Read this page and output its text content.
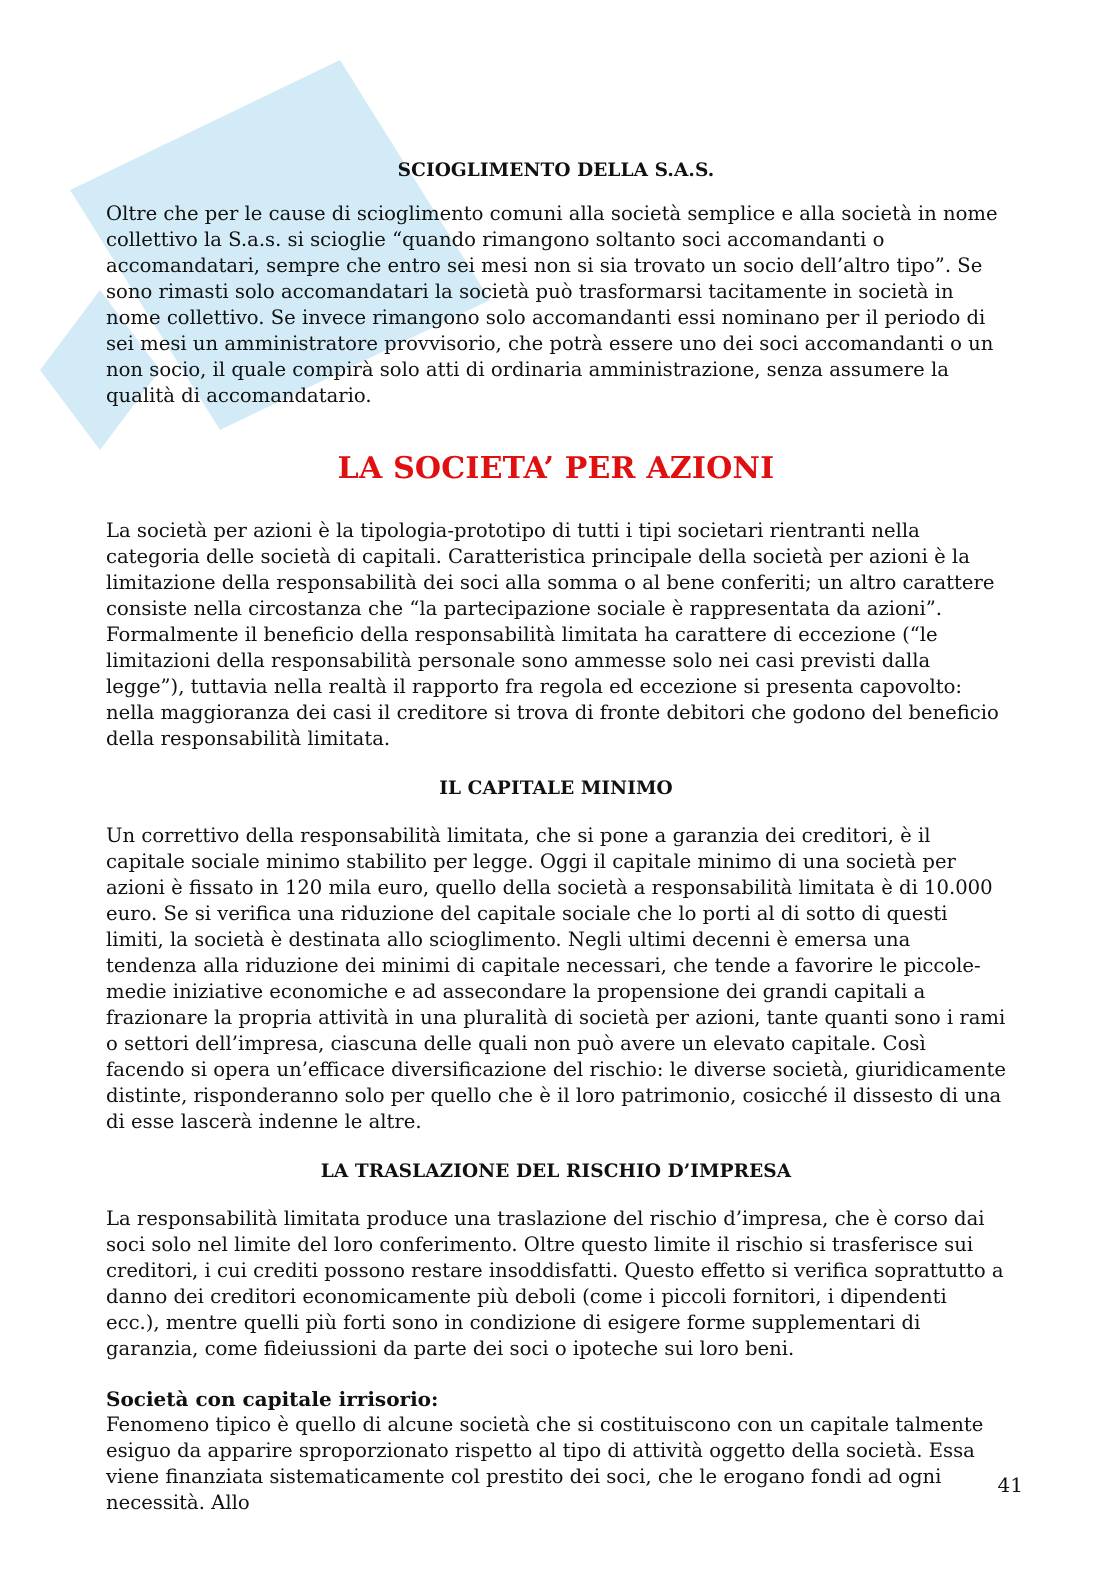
SCIOGLIMENTO DELLA S.A.S.

Oltre che per le cause di scioglimento comuni alla società semplice e alla società in nome collettivo la S.a.s. si scioglie “quando rimangono soltanto soci accomandanti o accomandatari, sempre che entro sei mesi non si sia trovato un socio dell’altro tipo”. Se sono rimasti solo accomandatari la società può trasformarsi tacitamente in società in nome collettivo. Se invece rimangono solo accomandanti essi nominano per il periodo di sei mesi un amministratore provvisorio, che potrà essere uno dei soci accomandanti o un non socio, il quale compirà solo atti di ordinaria amministrazione, senza assumere la qualità di accomandatario.

LA SOCIETA’ PER AZIONI

La società per azioni è la tipologia-prototipo di tutti i tipi societari rientranti nella categoria delle società di capitali. Caratteristica principale della società per azioni è la limitazione della responsabilità dei soci alla somma o al bene conferiti; un altro carattere consiste nella circostanza che “la partecipazione sociale è rappresentata da azioni”. Formalmente il beneficio della responsabilità limitata ha carattere di eccezione (“le limitazioni della responsabilità personale sono ammesse solo nei casi previsti dalla legge”), tuttavia nella realtà il rapporto fra regola ed eccezione si presenta capovolto: nella maggioranza dei casi il creditore si trova di fronte debitori che godono del beneficio della responsabilità limitata.

IL CAPITALE MINIMO

Un correttivo della responsabilità limitata, che si pone a garanzia dei creditori, è il capitale sociale minimo stabilito per legge. Oggi il capitale minimo di una società per azioni è fissato in 120 mila euro, quello della società a responsabilità limitata è di 10.000 euro. Se si verifica una riduzione del capitale sociale che lo porti al di sotto di questi limiti, la società è destinata allo scioglimento. Negli ultimi decenni è emersa una tendenza alla riduzione dei minimi di capitale necessari, che tende a favorire le piccole-medie iniziative economiche e ad assecondare la propensione dei grandi capitali a frazionare la propria attività in una pluralità di società per azioni, tante quanti sono i rami o settori dell’impresa, ciascuna delle quali non può avere un elevato capitale. Così facendo si opera un’efficace diversificazione del rischio: le diverse società, giuridicamente distinte, risponderanno solo per quello che è il loro patrimonio, cosicché il dissesto di una di esse lascerà indenne le altre.

LA TRASLAZIONE DEL RISCHIO D’IMPRESA

La responsabilità limitata produce una traslazione del rischio d’impresa, che è corso dai soci solo nel limite del loro conferimento. Oltre questo limite il rischio si trasferisce sui creditori, i cui crediti possono restare insoddisfatti. Questo effetto si verifica soprattutto a danno dei creditori economicamente più deboli (come i piccoli fornitori, i dipendenti ecc.), mentre quelli più forti sono in condizione di esigere forme supplementari di garanzia, come fideiussioni da parte dei soci o ipoteche sui loro beni.

Società con capitale irrisorio:

Fenomeno tipico è quello di alcune società che si costituiscono con un capitale talmente esiguo da apparire sproporzionato rispetto al tipo di attività oggetto della società. Essa viene finanziata sistematicamente col prestito dei soci, che le erogano fondi ad ogni necessità. Allo

41
